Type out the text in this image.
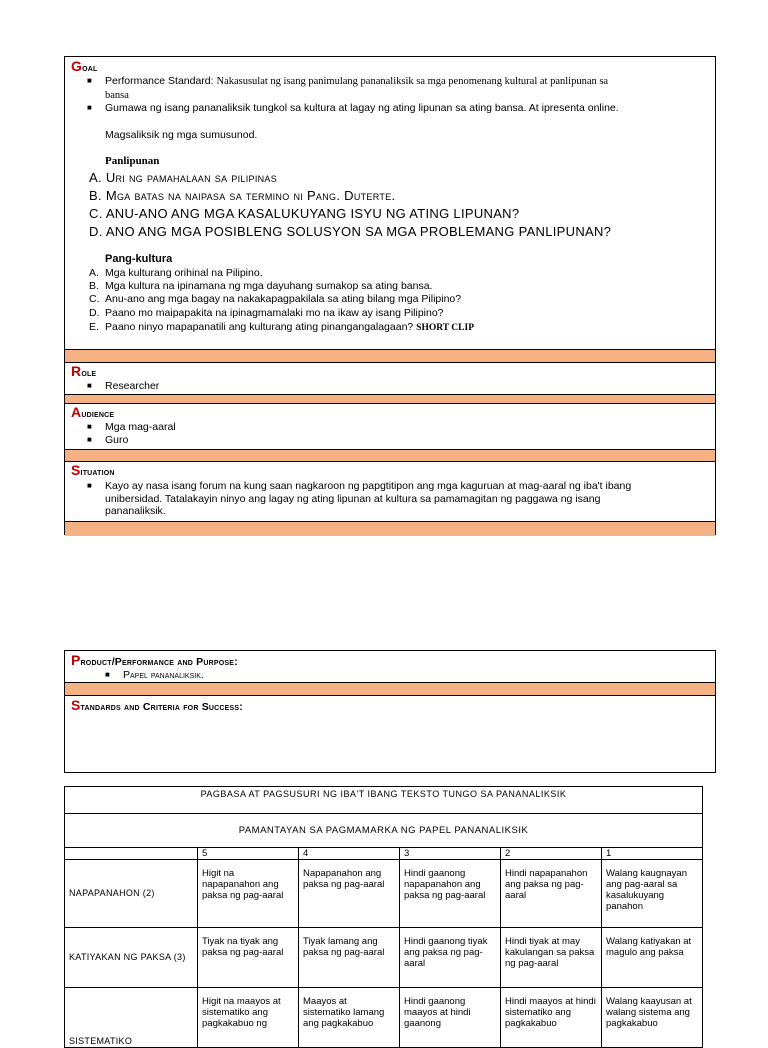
Goal
■ Performance Standard: Nakasusulat ng isang panimulang pananaliksik sa mga penomenang kultural at panlipunan sa
bansa
■ Gumawa ng isang pananaliksik tungkol sa kultura at lagay ng ating lipunan sa ating bansa. At ipresenta online.
Magsaliksik ng mga sumusunod.
Panlipunan
A. Uri ng pamahalaan sa pilipinas
B. Mga batas na naipasa sa termino ni Pang. Duterte.
C. ANU-ANO ANG MGA KASALUKUYANG ISYU NG ATING LIPUNAN?
D. ANO ANG MGA POSIBLENG SOLUSYON SA MGA PROBLEMANG PANLIPUNAN?
Pang-kultura
A. Mga kulturang orihinal na Pilipino.
B. Mga kultura na ipinamana ng mga dayuhang sumakop sa ating bansa.
C. Anu-ano ang mga bagay na nakakapagpakilala sa ating bilang mga Pilipino?
D. Paano mo maipapakita na ipinagmamalaki mo na ikaw ay isang Pilipino?
E. Paano ninyo mapapanatili ang kulturang ating pinangangalagaan? SHORT CLIP
Role
■ Researcher
Audience
■ Mga mag-aaral
■ Guro
Situation
■ Kayo ay nasa isang forum na kung saan nagkaroon ng papgtitipon ang mga kaguruan at mag-aaral ng iba't ibang
unibersidad. Tatalakayin ninyo ang lagay ng ating lipunan at kultura sa pamamagitan ng paggawa ng isang
pananaliksik.
Product/Performance and Purpose:
■ Papel pananaliksik.
Standards and Criteria for Success:
PAGBASA AT PAGSUSURI NG IBA'T IBANG TEKSTO TUNGO SA PANANALIKSIK					
PAMANTAYAN SA PAGMAMARKA NG PAPEL PANANALIKSIK					
	5	4	3	2	1
NAPAPANAHON (2)	Higit na napapanahon ang paksa ng pag-aaral	Napapanahon ang paksa ng pag-aaral	Hindi gaanong napapanahon ang paksa ng pag-aaral	Hindi napapanahon ang paksa ng pag-aaral	Walang kaugnayan ang pag-aaral sa kasalukuyang panahon
KATIYAKAN NG PAKSA (3)	Tiyak na tiyak ang paksa ng pag-aaral	Tiyak lamang ang paksa ng pag-aaral	Hindi gaanong tiyak ang paksa ng pag-aaral	Hindi tiyak at may kakulangan sa paksa ng pag-aaral	Walang katiyakan at magulo ang paksa
SISTEMATIKO	Higit na maayos at sistematiko ang pagkakabuo ng	Maayos at sistematiko lamang ang pagkakabuo	Hindi gaanong maayos at hindi gaanong	Hindi maayos at hindi sistematiko ang pagkakabuo	Walang kaayusan at walang sistema ang pagkakabuo
